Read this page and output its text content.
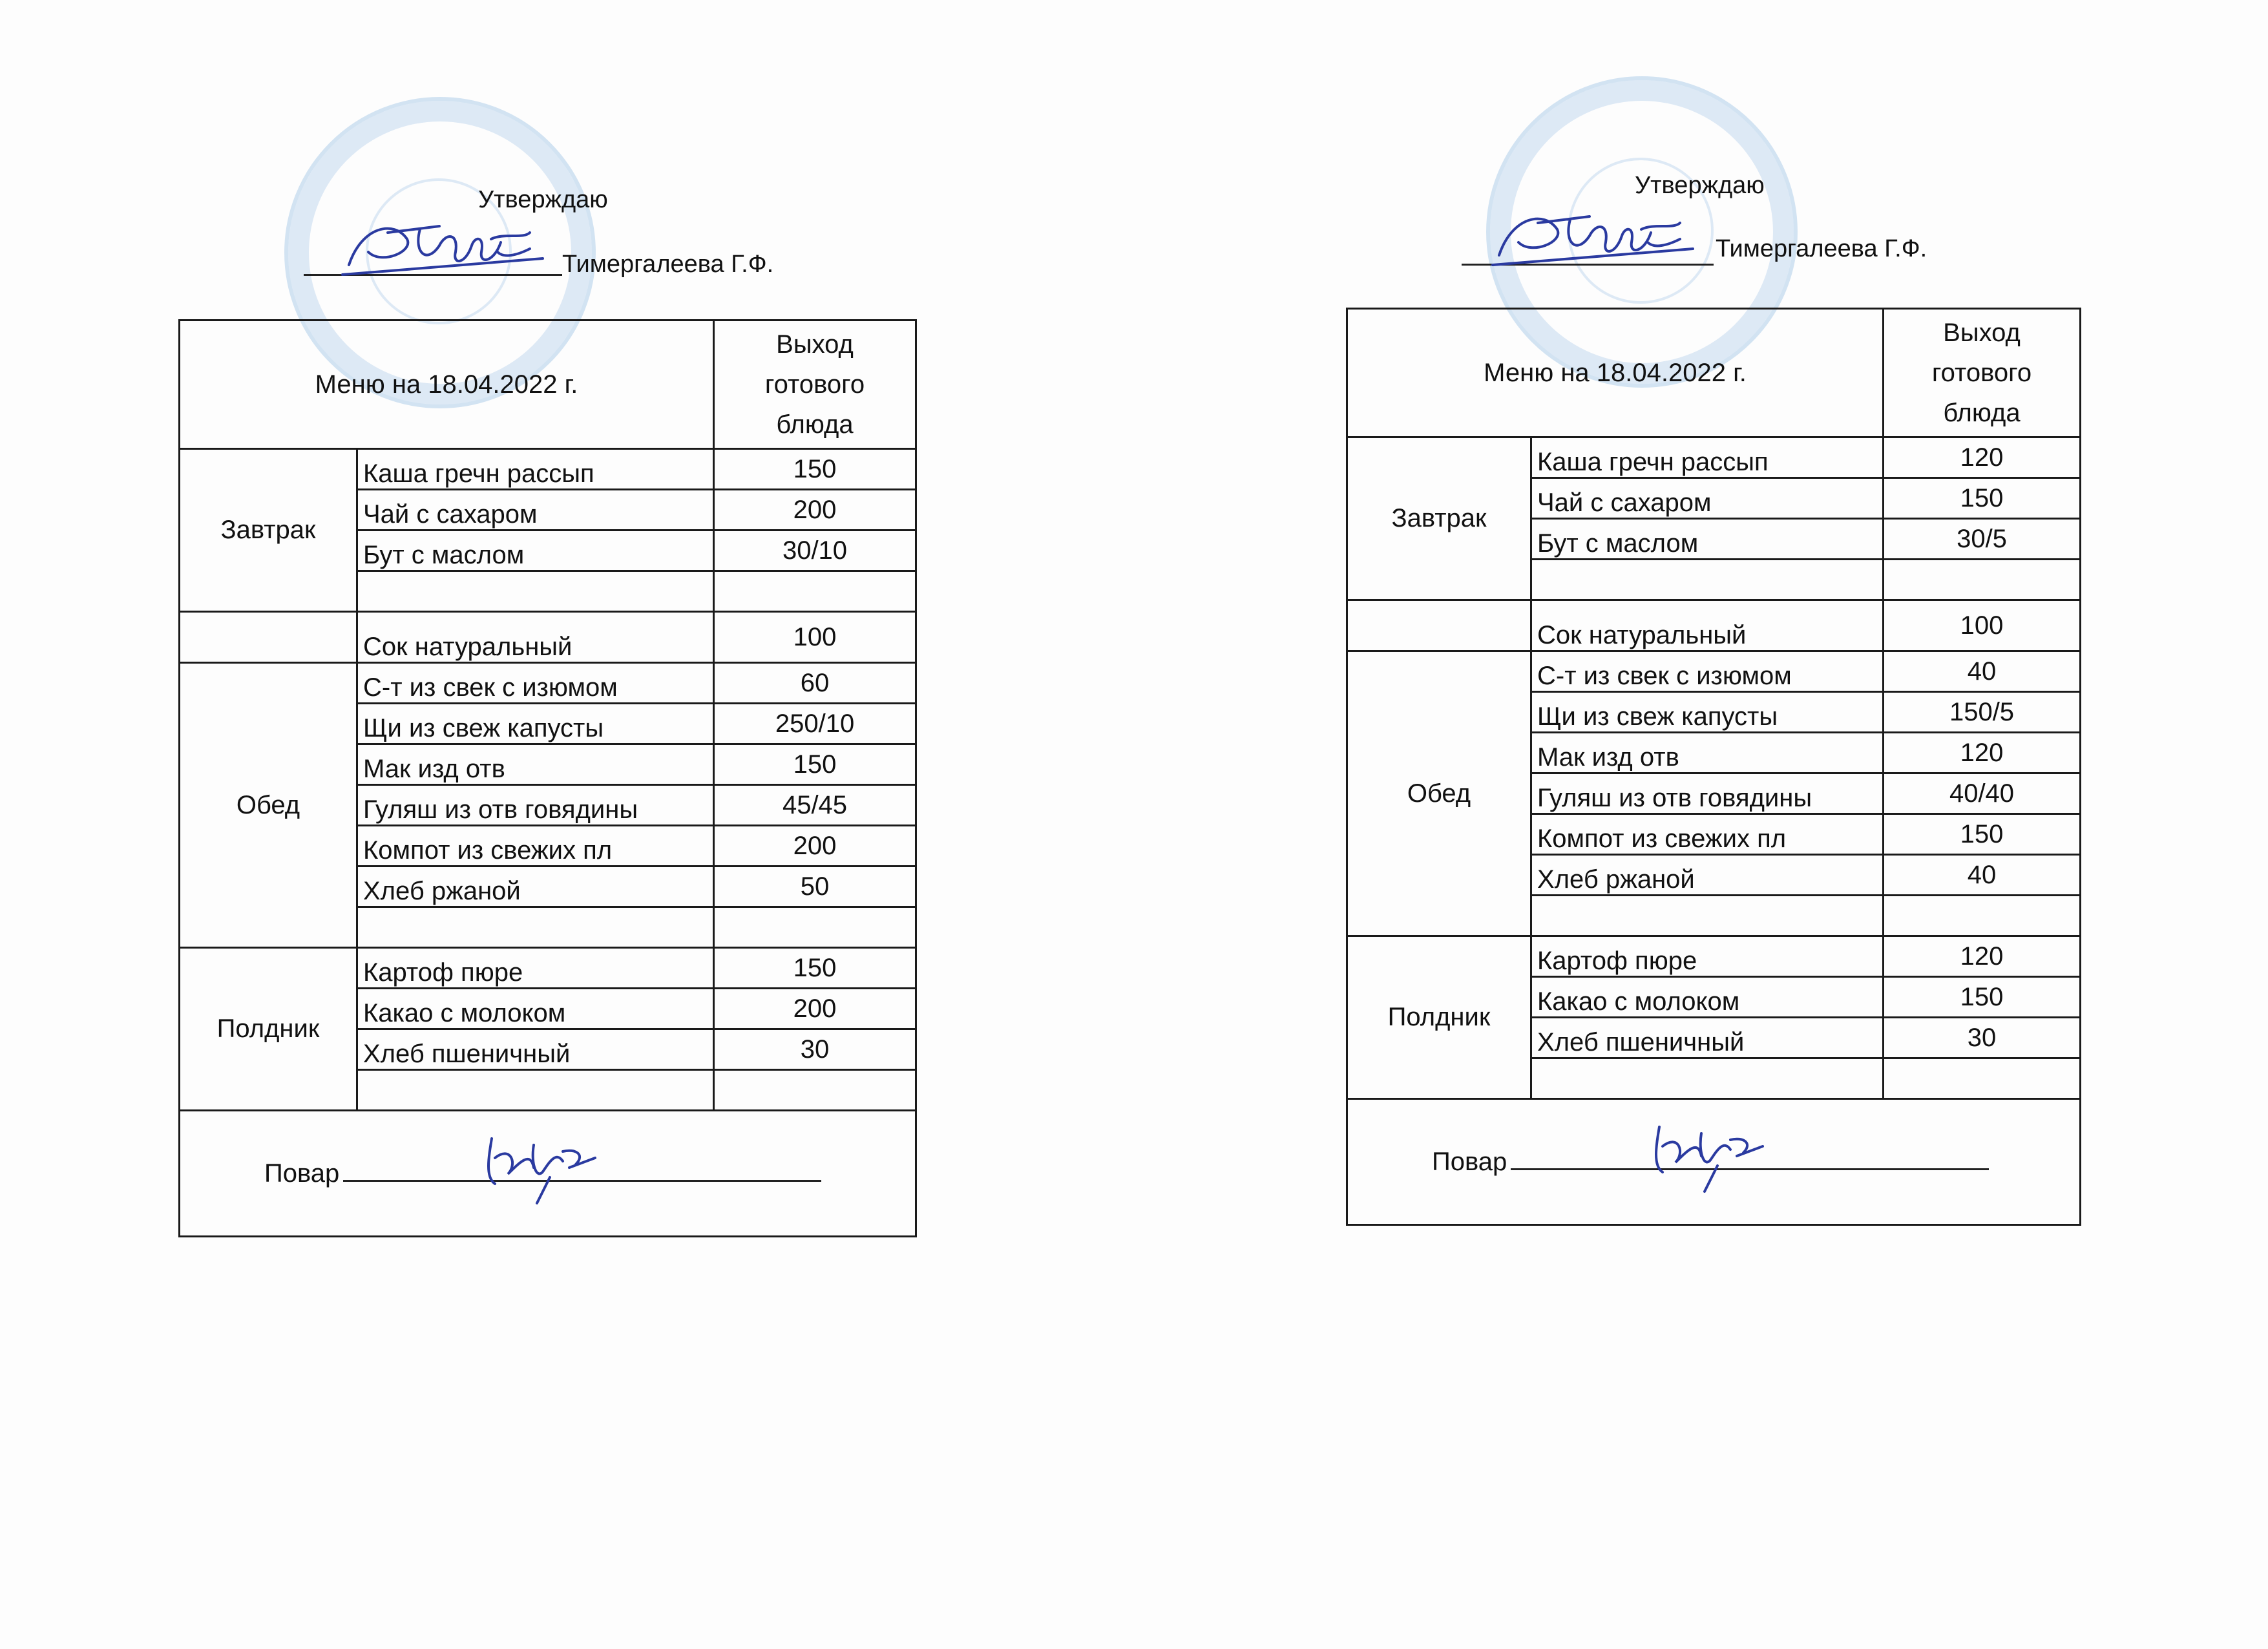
Утверждаю
Тимергалеева Г.Ф.
Меню на 18.04.2022 г.		Выход
готового
блюда

Завтрак	Каша гречн рассып	150
	Чай с сахаром	200
	Бут с маслом	30/10

	Сок натуральный	100
Обед	С-т из свек с изюмом	60
	Щи из свеж капусты	250/10
	Мак изд отв	150
	Гуляш из отв говядины	45/45
	Компот из свежих пл	200
	Хлеб ржаной	50

Полдник	Картоф пюре	150
	Какао с молоком	200
	Хлеб пшеничный	30

Повар		
Утверждаю
Тимергалеева Г.Ф.
Меню на 18.04.2022 г.		Выход
готового
блюда

Завтрак	Каша гречн рассып	120
	Чай с сахаром	150
	Бут с маслом	30/5

	Сок натуральный	100
Обед	С-т из свек с изюмом	40
	Щи из свеж капусты	150/5
	Мак изд отв	120
	Гуляш из отв говядины	40/40
	Компот из свежих пл	150
	Хлеб ржаной	40

Полдник	Картоф пюре	120
	Какао с молоком	150
	Хлеб пшеничный	30

Повар		
